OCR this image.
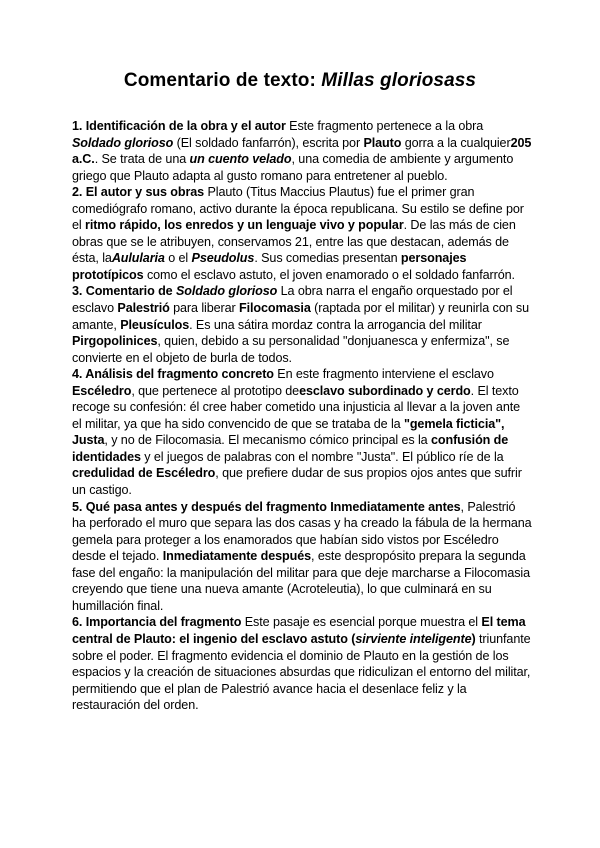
Comentario de texto: Millas gloriosass

1. Identificación de la obra y el autor Este fragmento pertenece a la obra Soldado glorioso (El soldado fanfarrón), escrita por Plauto gorra a la cualquier205 a.C.. Se trata de una un cuento velado, una comedia de ambiente y argumento griego que Plauto adapta al gusto romano para entretener al pueblo.

2. El autor y sus obras Plauto (Titus Maccius Plautus) fue el primer gran comediógrafo romano, activo durante la época republicana. Su estilo se define por el ritmo rápido, los enredos y un lenguaje vivo y popular. De las más de cien obras que se le atribuyen, conservamos 21, entre las que destacan, además de ésta, laAulularia o el Pseudolus. Sus comedias presentan personajes prototípicos como el esclavo astuto, el joven enamorado o el soldado fanfarrón.

3. Comentario de Soldado glorioso La obra narra el engaño orquestado por el esclavo Palestrió para liberar Filocomasia (raptada por el militar) y reunirla con su amante, Pleusículos. Es una sátira mordaz contra la arrogancia del militar Pirgopolinices, quien, debido a su personalidad "donjuanesca y enfermiza", se convierte en el objeto de burla de todos.

4. Análisis del fragmento concreto En este fragmento interviene el esclavo Escéledro, que pertenece al prototipo deesclavo subordinado y cerdo. El texto recoge su confesión: él cree haber cometido una injusticia al llevar a la joven ante el militar, ya que ha sido convencido de que se trataba de la "gemela ficticia", Justa, y no de Filocomasia. El mecanismo cómico principal es la confusión de identidades y el juegos de palabras con el nombre "Justa". El público ríe de la credulidad de Escéledro, que prefiere dudar de sus propios ojos antes que sufrir un castigo.

5. Qué pasa antes y después del fragmento Inmediatamente antes, Palestrió ha perforado el muro que separa las dos casas y ha creado la fábula de la hermana gemela para proteger a los enamorados que habían sido vistos por Escéledro desde el tejado. Inmediatamente después, este despropósito prepara la segunda fase del engaño: la manipulación del militar para que deje marcharse a Filocomasia creyendo que tiene una nueva amante (Acroteleutia), lo que culminará en su humillación final.

6. Importancia del fragmento Este pasaje es esencial porque muestra el El tema central de Plauto: el ingenio del esclavo astuto (sirviente inteligente) triunfante sobre el poder. El fragmento evidencia el dominio de Plauto en la gestión de los espacios y la creación de situaciones absurdas que ridiculizan el entorno del militar, permitiendo que el plan de Palestrió avance hacia el desenlace feliz y la restauración del orden.
